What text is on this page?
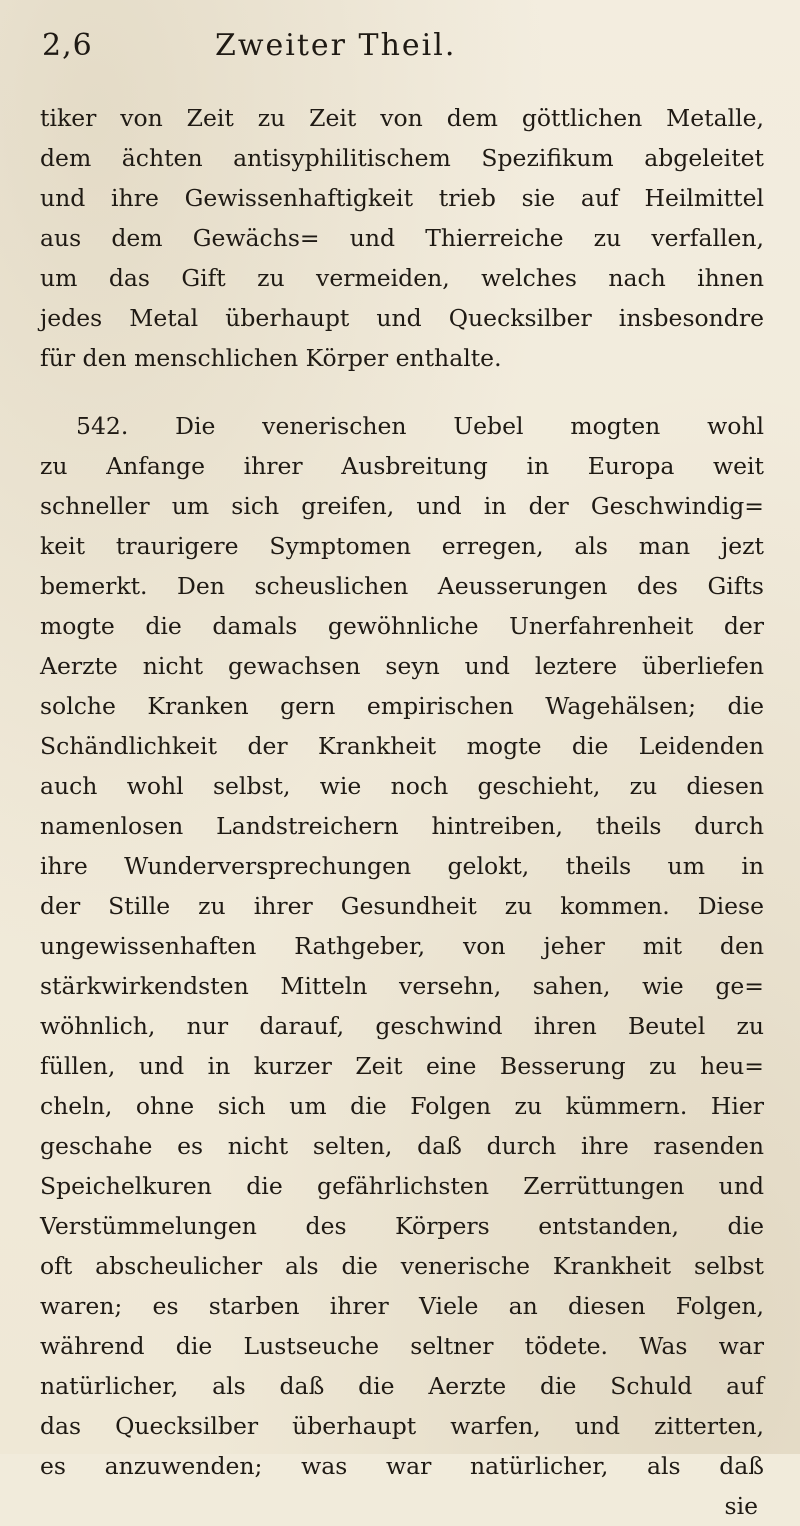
2,6	Zweiter Theil.
tiker von Zeit zu Zeit von dem göttlichen Metalle,
dem ächten antisyphilitischem Spezifikum abgeleitet
und ihre Gewissenhaftigkeit trieb sie auf Heilmittel
aus dem Gewächs= und Thierreiche zu verfallen,
um das Gift zu vermeiden, welches nach ihnen
jedes Metal überhaupt und Quecksilber insbesondre
für den menschlichen Körper enthalte.
542. Die venerischen Uebel mogten wohl
zu Anfange ihrer Ausbreitung in Europa weit
schneller um sich greifen, und in der Geschwindig=
keit traurigere Symptomen erregen, als man jezt
bemerkt. Den scheuslichen Aeusserungen des Gifts
mogte die damals gewöhnliche Unerfahrenheit der
Aerzte nicht gewachsen seyn und leztere überliefen
solche Kranken gern empirischen Wagehälsen; die
Schändlichkeit der Krankheit mogte die Leidenden
auch wohl selbst, wie noch geschieht, zu diesen
namenlosen Landstreichern hintreiben, theils durch
ihre Wunderversprechungen gelokt, theils um in
der Stille zu ihrer Gesundheit zu kommen. Diese
ungewissenhaften Rathgeber, von jeher mit den
stärkwirkendsten Mitteln versehn, sahen, wie ge=
wöhnlich, nur darauf, geschwind ihren Beutel zu
füllen, und in kurzer Zeit eine Besserung zu heu=
cheln, ohne sich um die Folgen zu kümmern. Hier
geschahe es nicht selten, daß durch ihre rasenden
Speichelkuren die gefährlichsten Zerrüttungen und
Verstümmelungen des Körpers entstanden, die
oft abscheulicher als die venerische Krankheit selbst
waren; es starben ihrer Viele an diesen Folgen,
während die Lustseuche seltner tödete. Was war
natürlicher, als daß die Aerzte die Schuld auf
das Quecksilber überhaupt warfen, und zitterten,
es anzuwenden; was war natürlicher, als daß
sie
